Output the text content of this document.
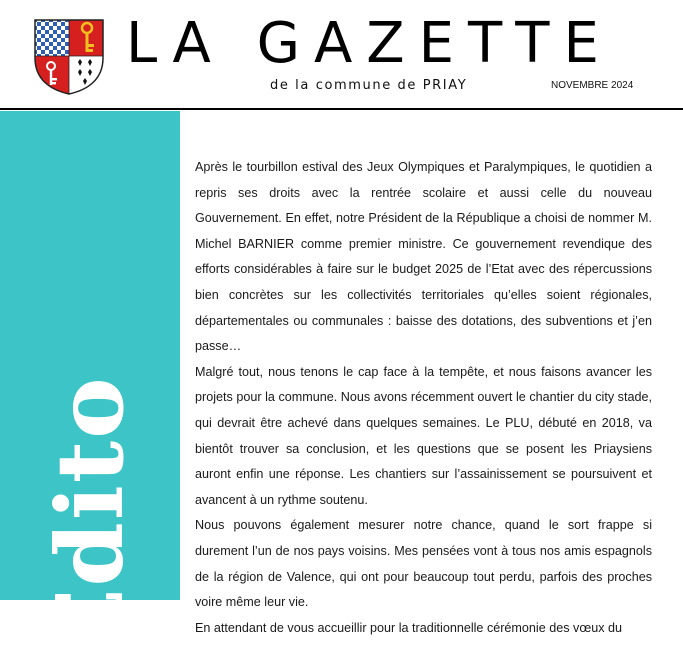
LA GAZETTE
de la commune de PRIAY	NOVEMBRE 2024
Edito

Après le tourbillon estival des Jeux Olympiques et Paralympiques, le quotidien a repris ses droits avec la rentrée scolaire et aussi celle du nouveau Gouvernement. En effet, notre Président de la République a choisi de nommer M. Michel BARNIER comme premier ministre. Ce gouvernement revendique des efforts considérables à faire sur le budget 2025 de l’Etat avec des répercussions bien concrètes sur les collectivités territoriales qu’elles soient régionales, départementales ou communales : baisse des dotations, des subventions et j’en passe…

Malgré tout, nous tenons le cap face à la tempête, et nous faisons avancer les projets pour la commune. Nous avons récemment ouvert le chantier du city stade, qui devrait être achevé dans quelques semaines. Le PLU, débuté en 2018, va bientôt trouver sa conclusion, et les questions que se posent les Priaysiens auront enfin une réponse. Les chantiers sur l’assainissement se poursuivent et avancent à un rythme soutenu.

Nous pouvons également mesurer notre chance, quand le sort frappe si durement l’un de nos pays voisins. Mes pensées vont à tous nos amis espagnols de la région de Valence, qui ont pour beaucoup tout perdu, parfois des proches voire même leur vie.

En attendant de vous accueillir pour la traditionnelle cérémonie des vœux du
